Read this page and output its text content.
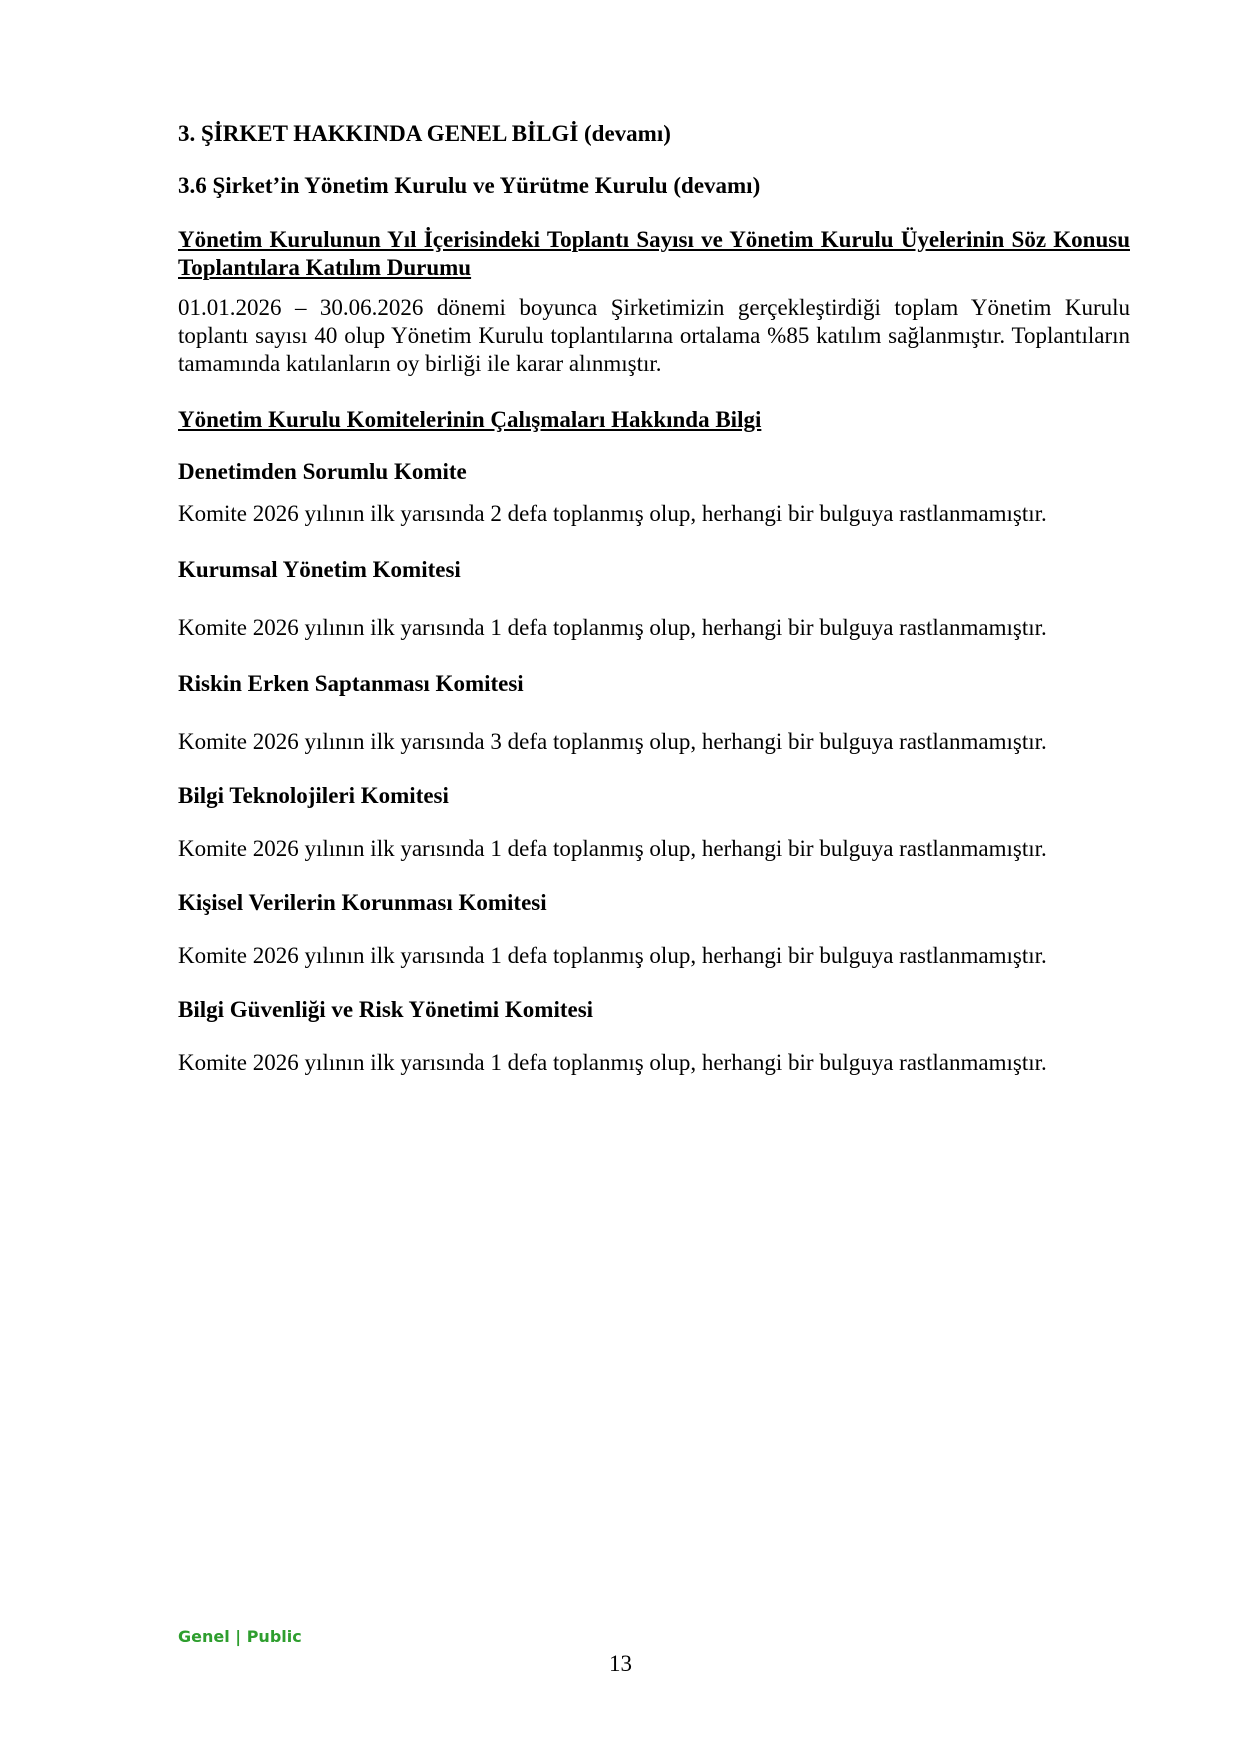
3. ŞİRKET HAKKINDA GENEL BİLGİ (devamı)
3.6 Şirket’in Yönetim Kurulu ve Yürütme Kurulu (devamı)
Yönetim Kurulunun Yıl İçerisindeki Toplantı Sayısı ve Yönetim Kurulu Üyelerinin Söz Konusu Toplantılara Katılım Durumu
01.01.2026 – 30.06.2026 dönemi boyunca Şirketimizin gerçekleştirdiği toplam Yönetim Kurulu toplantı sayısı 40 olup Yönetim Kurulu toplantılarına ortalama %85 katılım sağlanmıştır. Toplantıların tamamında katılanların oy birliği ile karar alınmıştır.
Yönetim Kurulu Komitelerinin Çalışmaları Hakkında Bilgi
Denetimden Sorumlu Komite
Komite 2026 yılının ilk yarısında 2 defa toplanmış olup, herhangi bir bulguya rastlanmamıştır.
Kurumsal Yönetim Komitesi
Komite 2026 yılının ilk yarısında 1 defa toplanmış olup, herhangi bir bulguya rastlanmamıştır.
Riskin Erken Saptanması Komitesi
Komite 2026 yılının ilk yarısında 3 defa toplanmış olup, herhangi bir bulguya rastlanmamıştır.
Bilgi Teknolojileri Komitesi
Komite 2026 yılının ilk yarısında 1 defa toplanmış olup, herhangi bir bulguya rastlanmamıştır.
Kişisel Verilerin Korunması Komitesi
Komite 2026 yılının ilk yarısında 1 defa toplanmış olup, herhangi bir bulguya rastlanmamıştır.
Bilgi Güvenliği ve Risk Yönetimi Komitesi
Komite 2026 yılının ilk yarısında 1 defa toplanmış olup, herhangi bir bulguya rastlanmamıştır.
Genel | Public
13
